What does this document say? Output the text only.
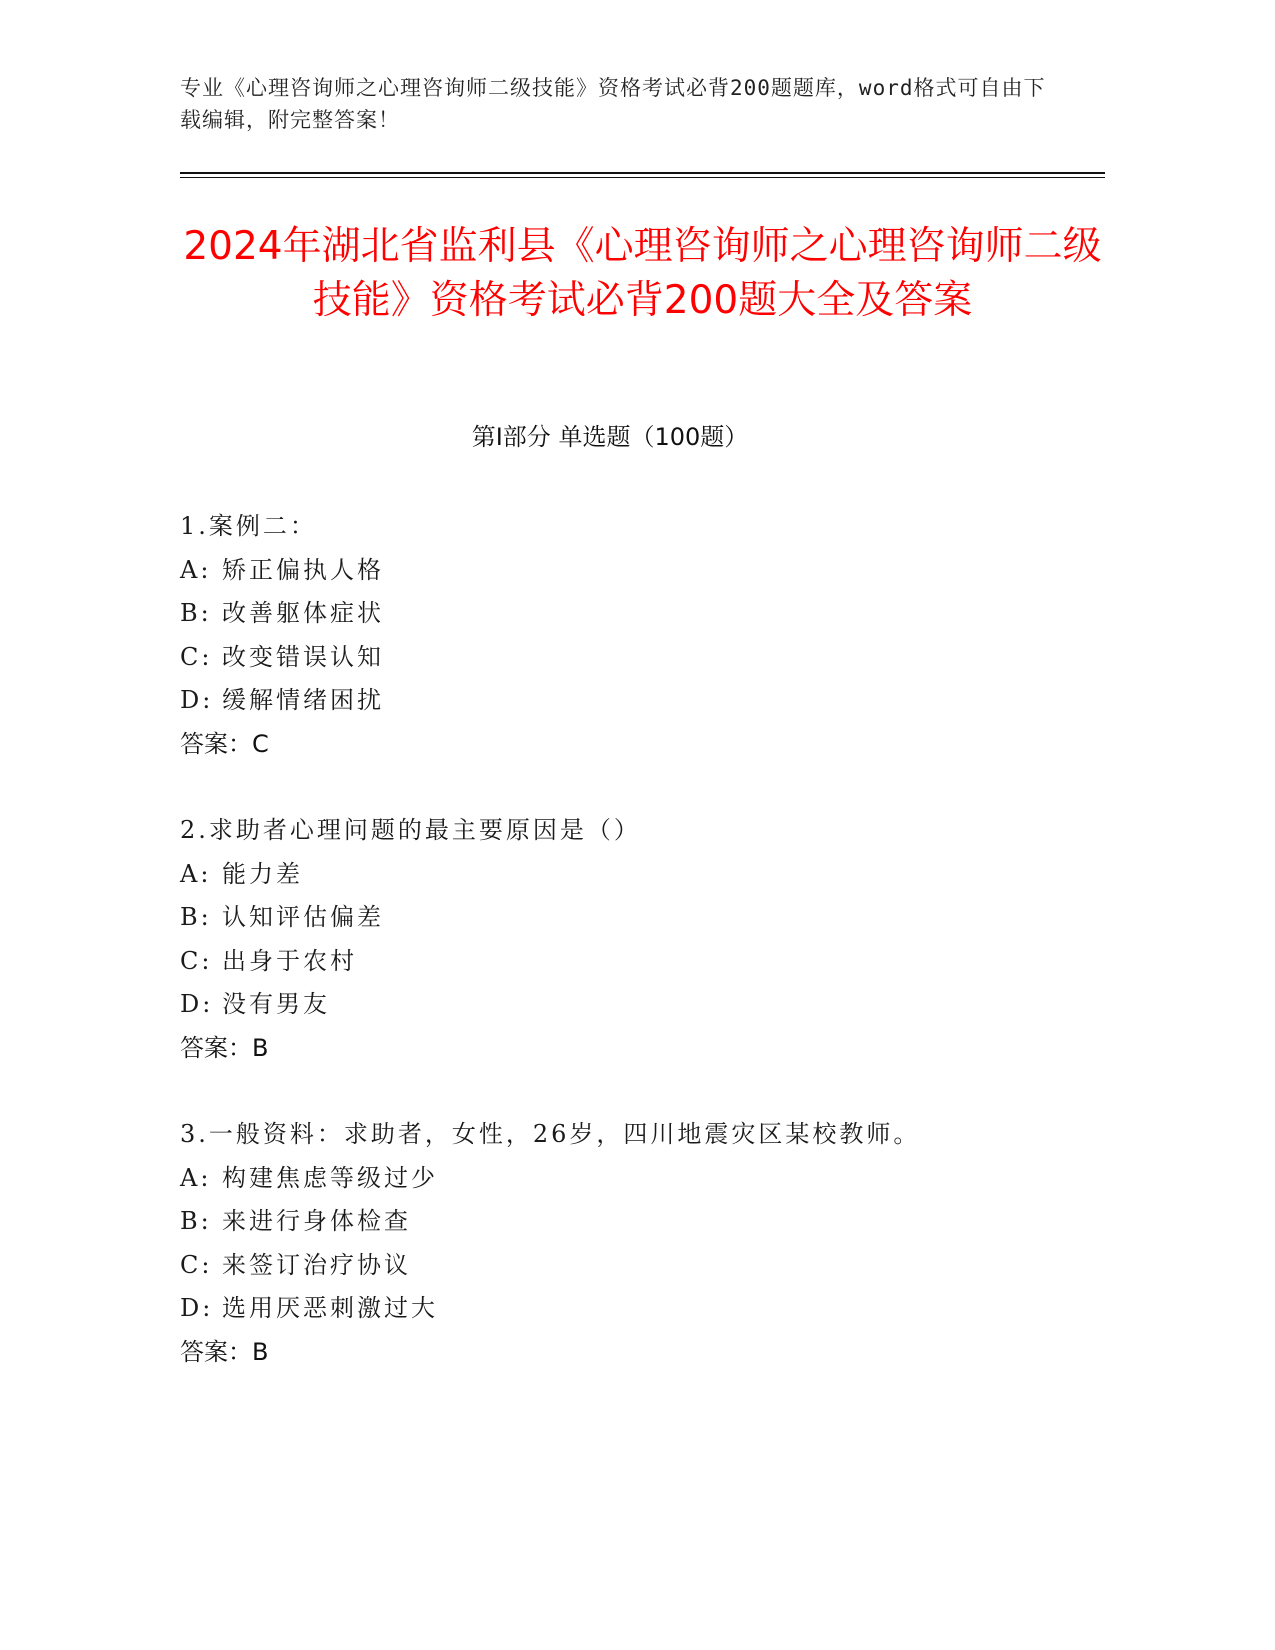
专业《心理咨询师之心理咨询师二级技能》资格考试必背200题题库，word格式可自由下载编辑，附完整答案！
2024年湖北省监利县《心理咨询师之心理咨询师二级技能》资格考试必背200题大全及答案
第Ⅰ部分 单选题（100题）
1.案例二：
A: 矫正偏执人格
B: 改善躯体症状
C: 改变错误认知
D: 缓解情绪困扰
答案：C
2.求助者心理问题的最主要原因是（）
A: 能力差
B: 认知评估偏差
C: 出身于农村
D: 没有男友
答案：B
3.一般资料：求助者，女性，26岁，四川地震灾区某校教师。
A: 构建焦虑等级过少
B: 来进行身体检查
C: 来签订治疗协议
D: 选用厌恶刺激过大
答案：B
